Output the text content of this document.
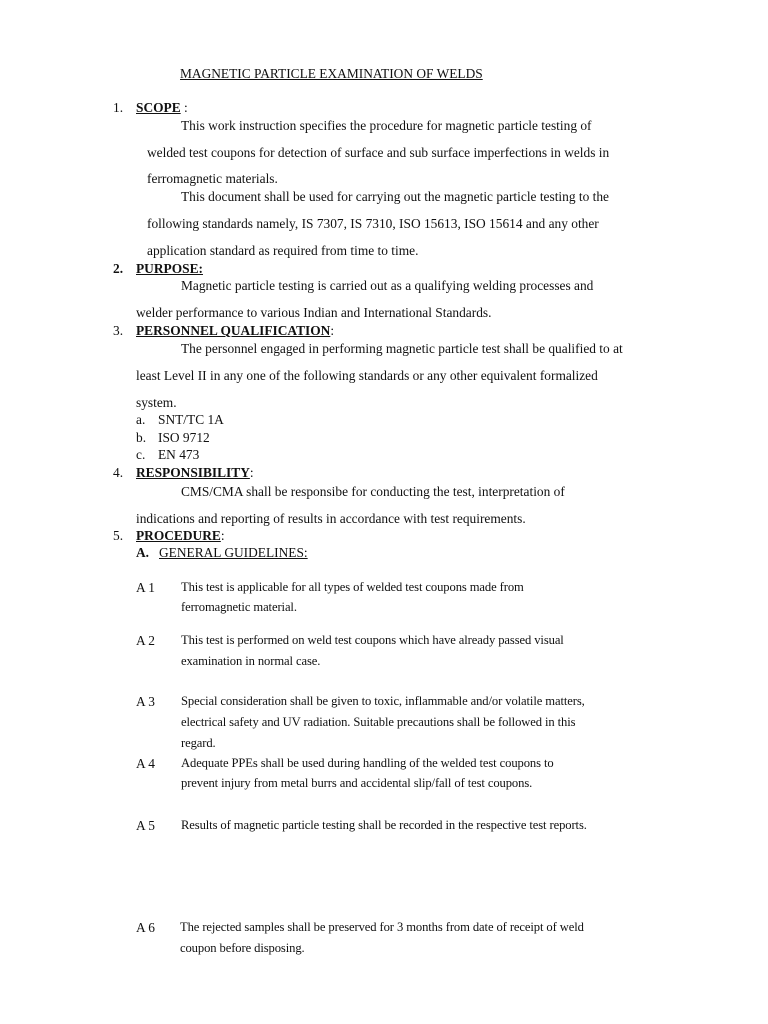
MAGNETIC PARTICLE EXAMINATION OF WELDS
1. SCOPE :
This work instruction specifies the procedure for magnetic particle testing of
welded test coupons for detection of surface and sub surface imperfections in welds in
ferromagnetic materials.
This document shall be used for carrying out the magnetic particle testing to the
following standards namely, IS 7307, IS 7310, ISO 15613, ISO 15614 and any other
application standard as required from time to time.
2. PURPOSE:
Magnetic particle testing is carried out as a qualifying welding processes and
welder performance to various Indian and International Standards.
3. PERSONNEL QUALIFICATION:
The personnel engaged in performing magnetic particle test shall be qualified to at
least Level II in any one of the following standards or any other equivalent formalized
system.
a. SNT/TC 1A
b. ISO 9712
c. EN 473
4. RESPONSIBILITY:
CMS/CMA shall be responsibe for conducting the test, interpretation of
indications and reporting of results in accordance with test requirements.
5. PROCEDURE:
A. GENERAL GUIDELINES:
A 1 This test is applicable for all types of welded test coupons made from
ferromagnetic material.
A 2 This test is performed on weld test coupons which have already passed visual
examination in normal case.
A 3 Special consideration shall be given to toxic, inflammable and/or volatile matters,
electrical safety and UV radiation. Suitable precautions shall be followed in this
regard.
A 4 Adequate PPEs shall be used during handling of the welded test coupons to
prevent injury from metal burrs and accidental slip/fall of test coupons.
A 5 Results of magnetic particle testing shall be recorded in the respective test reports.
A 6 The rejected samples shall be preserved for 3 months from date of receipt of weld
coupon before disposing.
